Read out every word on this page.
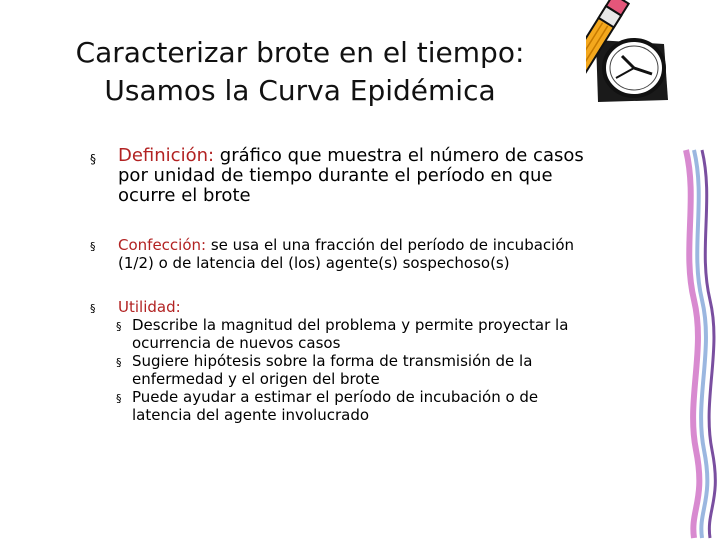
Caracterizar brote en el tiempo:
Usamos la Curva Epidémica
§ Definición: gráfico que muestra el número de casos
por unidad de tiempo durante el período en que
ocurre el brote
§ Confección: se usa el una fracción del período de incubación
(1/2) o de latencia del (los) agente(s) sospechoso(s)
§ Utilidad:
§ Describe la magnitud del problema y permite proyectar la
ocurrencia de nuevos casos
§ Sugiere hipótesis sobre la forma de transmisión de la
enfermedad y el origen del brote
§ Puede ayudar a estimar el período de incubación o de
latencia del agente involucrado
